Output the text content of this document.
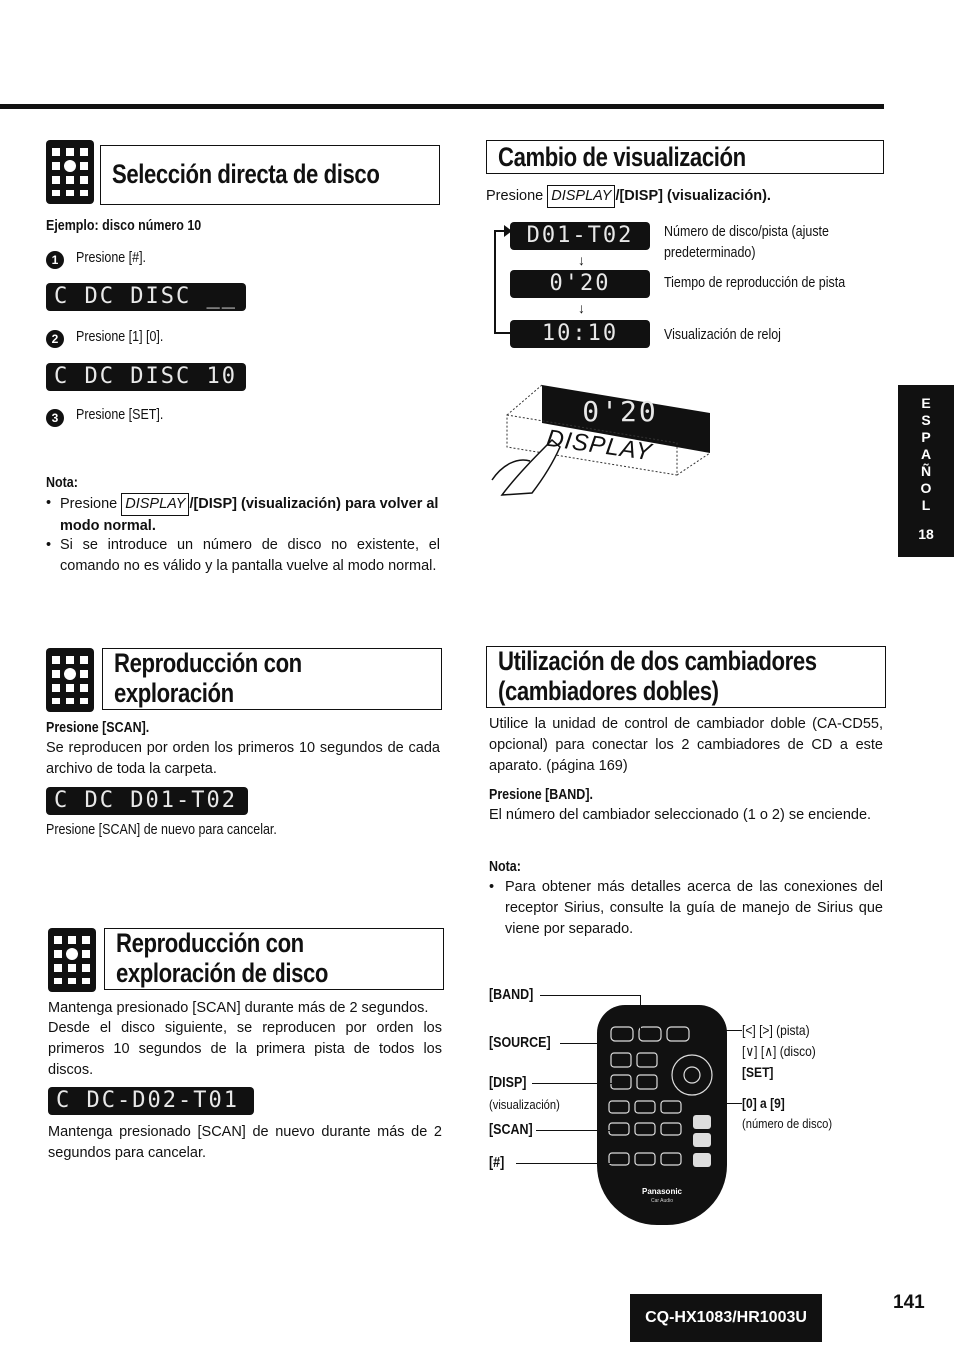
Selección directa de disco
Ejemplo: disco número 10
1	Presione [#].
C DC DISC __
2	Presione [1] [0].
C DC DISC 10
3	Presione [SET].
Nota:
• Presione DISPLAY /[DISP] (visualización) para volver al modo normal.
• Si se introduce un número de disco no existente, el comando no es válido y la pantalla vuelve al modo normal.
Cambio de visualización
Presione DISPLAY /[DISP] (visualización).
D01-T02
↓
0'20
↓
10:10
Número de disco/pista (ajuste predeterminado)
Tiempo de reproducción de pista
Visualización de reloj
0'20
DISPLAY
E
S
P
A
Ñ
O
L
18
Reproducción con
exploración
Presione [SCAN].
Se reproducen por orden los primeros 10 segundos de cada archivo de toda la carpeta.
C DC D01-T02
Presione [SCAN] de nuevo para cancelar.
Reproducción con
exploración de disco
Mantenga presionado [SCAN] durante más de 2 segundos.
Desde el disco siguiente, se reproducen por orden los primeros 10 segundos de la primera pista de todos los discos.
C DC-D02-T01
Mantenga presionado [SCAN] de nuevo durante más de 2 segundos para cancelar.
Utilización de dos cambiadores
(cambiadores dobles)
Utilice la unidad de control de cambiador doble (CA-CD55, opcional) para conectar los 2 cambiadores de CD a este aparato. (página 169)
Presione [BAND].
El número del cambiador seleccionado (1 o 2) se enciende.
Nota:
• Para obtener más detalles acerca de las conexiones del receptor Sirius, consulte la guía de manejo de Sirius que viene por separado.
Panasonic
Car Audio
[BAND]
[SOURCE]
[DISP]
(visualización)
[SCAN]
[#]
[<] [>] (pista)
[∨] [∧] (disco)
[SET]
[0] a [9]
(número de disco)
CQ-HX1083/HR1003U
141
